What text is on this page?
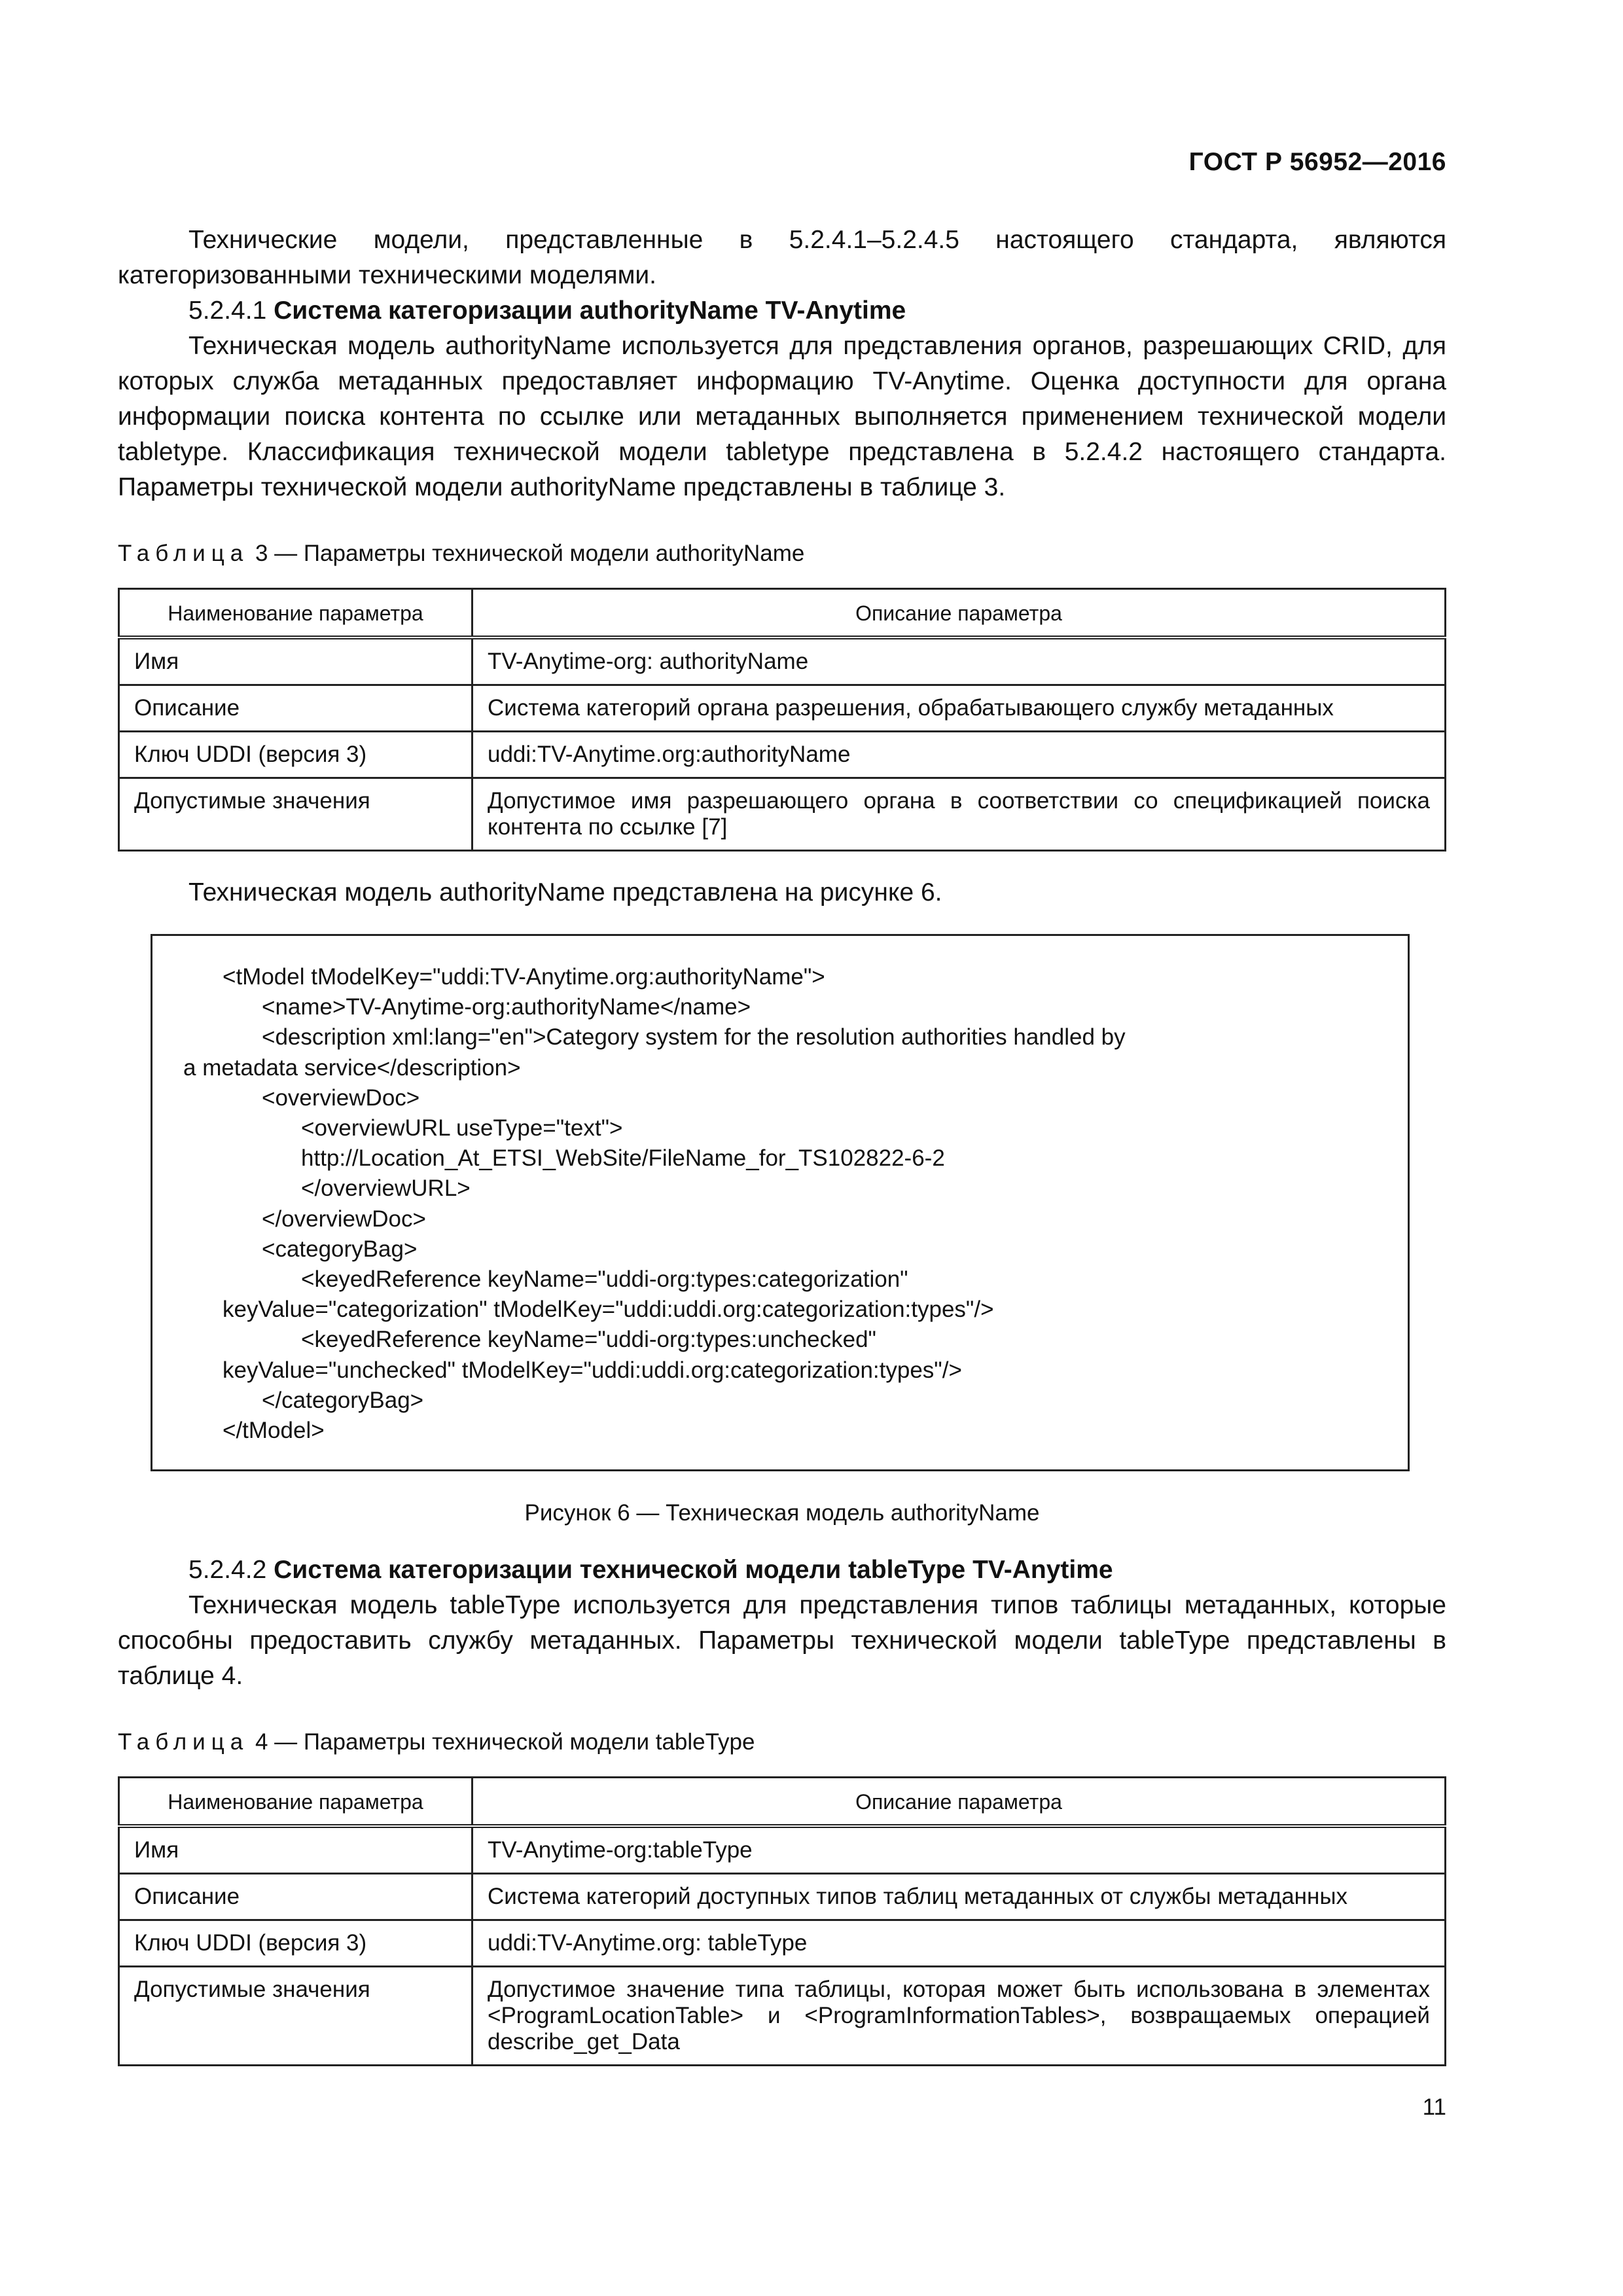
ГОСТ Р 56952—2016

Технические модели, представленные в 5.2.4.1–5.2.4.5 настоящего стандарта, являются категоризованными техническими моделями.

5.2.4.1 Система категоризации authorityName TV-Anytime

Техническая модель authorityName используется для представления органов, разрешающих CRID, для которых служба метаданных предоставляет информацию TV-Anytime. Оценка доступности для органа информации поиска контента по ссылке или метаданных выполняется применением технической модели tabletype. Классификация технической модели tabletype представлена в 5.2.4.2 настоящего стандарта. Параметры технической модели authorityName представлены в таблице 3.

Таблица 3 — Параметры технической модели authorityName
Наименование параметра	Описание параметра
Имя	TV-Anytime-org: authorityName
Описание	Система категорий органа разрешения, обрабатывающего службу метаданных
Ключ UDDI (версия 3)	uddi:TV-Anytime.org:authorityName
Допустимые значения	Допустимое имя разрешающего органа в соответствии со спецификацией поиска контента по ссылке [7]

Техническая модель authorityName представлена на рисунке 6.

<tModel tModelKey="uddi:TV-Anytime.org:authorityName">
<name>TV-Anytime-org:authorityName</name>
<description xml:lang="en">Category system for the resolution authorities handled by
a metadata service</description>
<overviewDoc>
<overviewURL useType="text">
http://Location_At_ETSI_WebSite/FileName_for_TS102822-6-2
</overviewURL>
</overviewDoc>
<categoryBag>
<keyedReference keyName="uddi-org:types:categorization"
keyValue="categorization" tModelKey="uddi:uddi.org:categorization:types"/>
<keyedReference keyName="uddi-org:types:unchecked"
keyValue="unchecked" tModelKey="uddi:uddi.org:categorization:types"/>
</categoryBag>
</tModel>
Рисунок 6 — Техническая модель authorityName

5.2.4.2 Система категоризации технической модели tableType TV-Anytime

Техническая модель tableType используется для представления типов таблицы метаданных, которые способны предоставить службу метаданных. Параметры технической модели tableType представлены в таблице 4.

Таблица 4 — Параметры технической модели tableType
Наименование параметра	Описание параметра
Имя	TV-Anytime-org:tableType
Описание	Система категорий доступных типов таблиц метаданных от службы метаданных
Ключ UDDI (версия 3)	uddi:TV-Anytime.org: tableType
Допустимые значения	Допустимое значение типа таблицы, которая может быть использована в элементах <ProgramLocationTable> и <ProgramInformationTables>, возвращаемых операцией describe_get_Data
11
